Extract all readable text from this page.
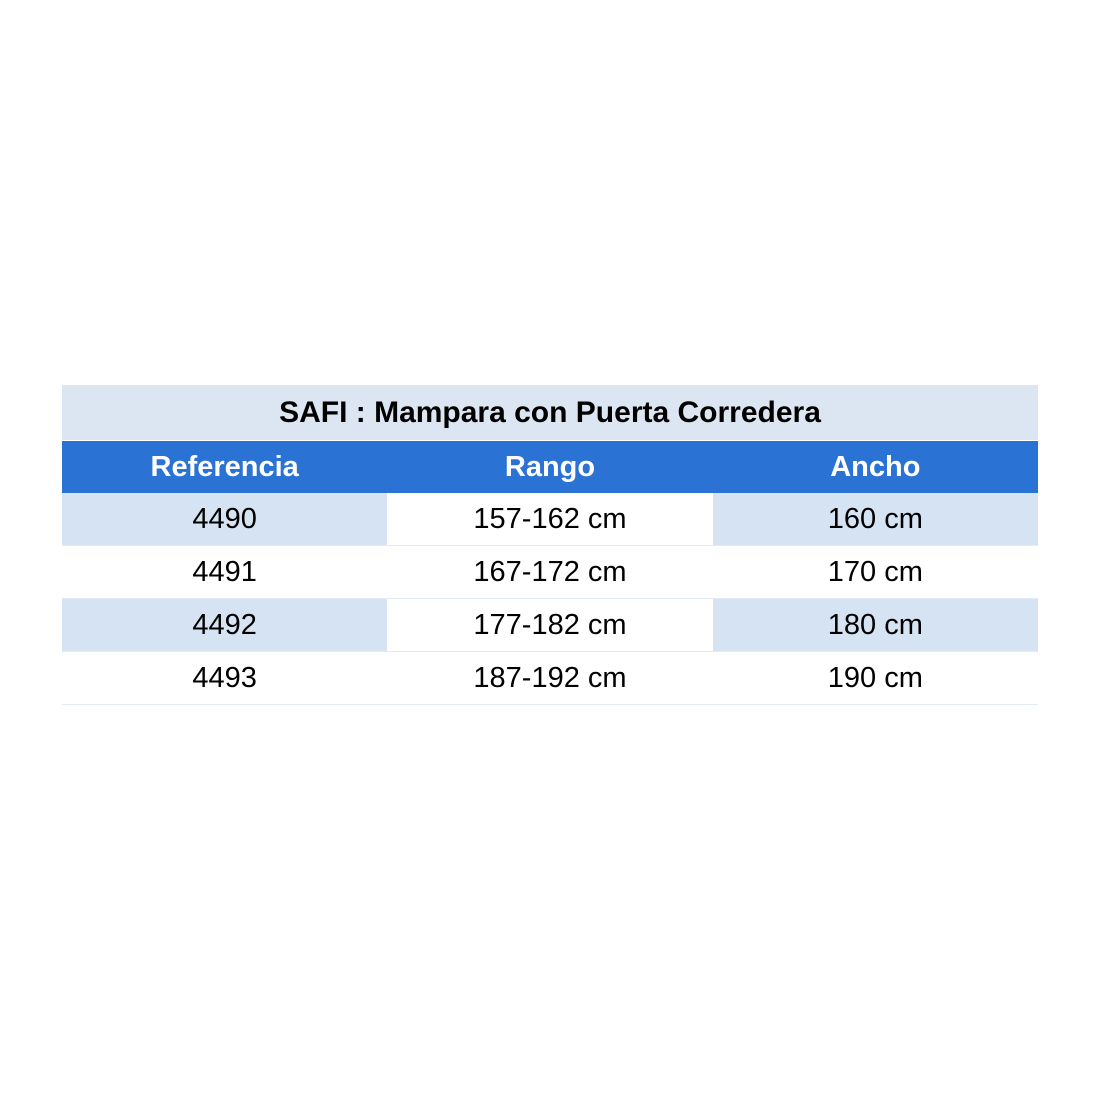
SAFI : Mampara con Puerta Corredera		
Referencia	Rango	Ancho
4490	157-162 cm	160 cm
4491	167-172 cm	170 cm
4492	177-182 cm	180 cm
4493	187-192 cm	190 cm
